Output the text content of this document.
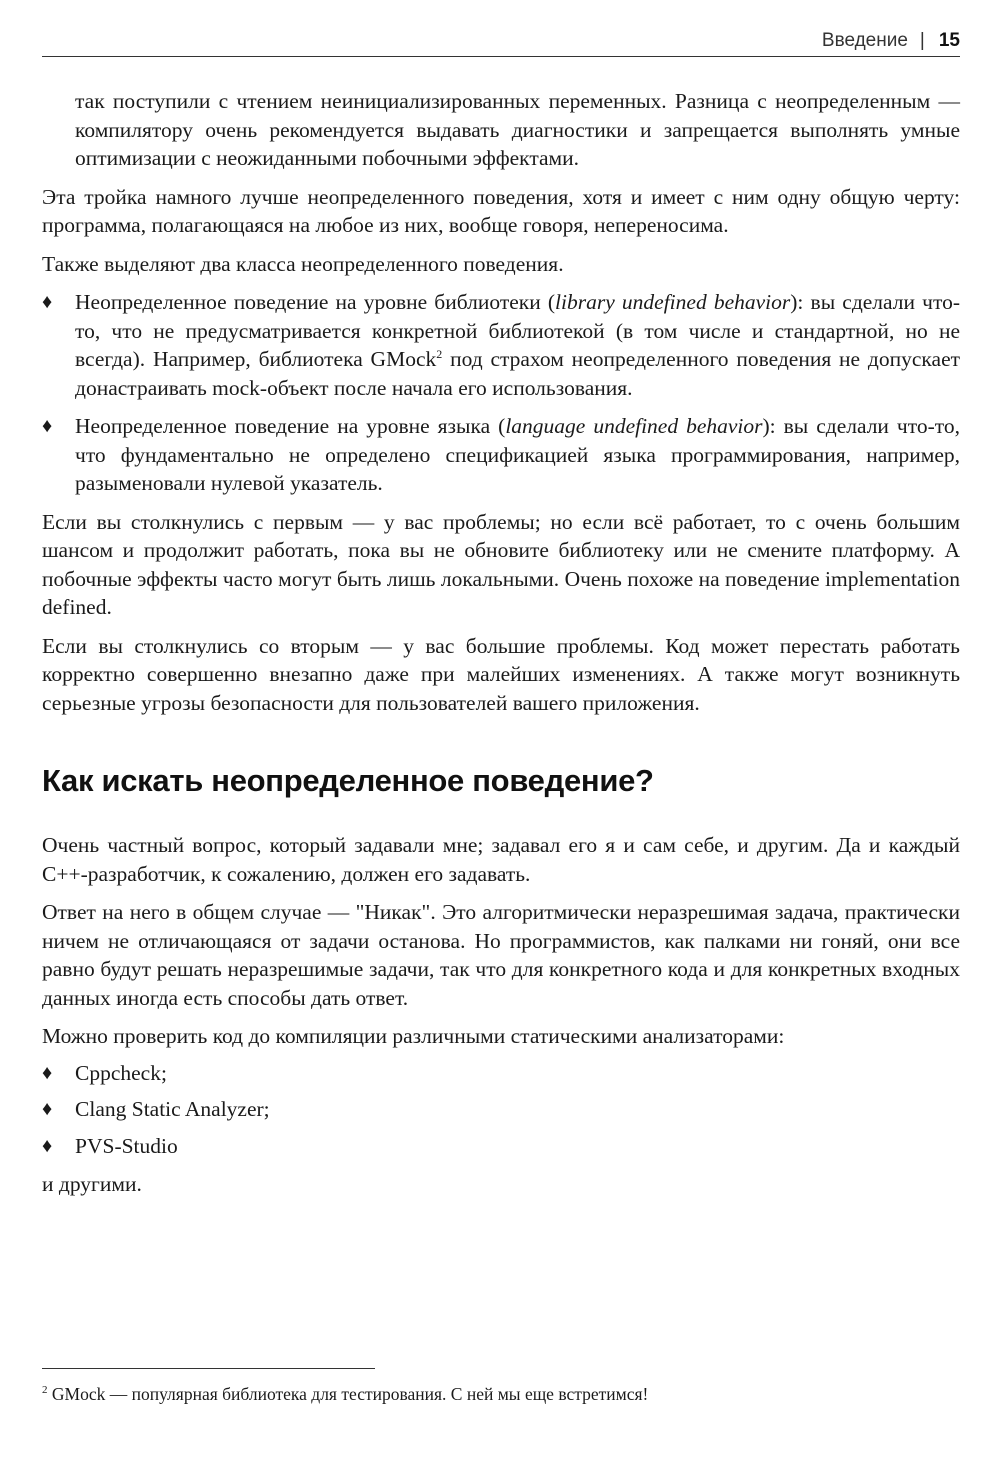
Введение | 15

так поступили с чтением неинициализированных переменных. Разница с неопределенным — компилятору очень рекомендуется выдавать диагностики и запрещается выполнять умные оптимизации с неожиданными побочными эффектами.

Эта тройка намного лучше неопределенного поведения, хотя и имеет с ним одну общую черту: программа, полагающаяся на любое из них, вообще говоря, непереносима.

Также выделяют два класса неопределенного поведения.

♦ Неопределенное поведение на уровне библиотеки (library undefined behavior): вы сделали что-то, что не предусматривается конкретной библиотекой (в том числе и стандартной, но не всегда). Например, библиотека GMock$^2$ под страхом неопределенного поведения не допускает донастраивать mock-объект после начала его использования.

♦ Неопределенное поведение на уровне языка (language undefined behavior): вы сделали что-то, что фундаментально не определено спецификацией языка программирования, например, разыменовали нулевой указатель.

Если вы столкнулись с первым — у вас проблемы; но если всё работает, то с очень большим шансом и продолжит работать, пока вы не обновите библиотеку или не смените платформу. А побочные эффекты часто могут быть лишь локальными. Очень похоже на поведение implementation defined.

Если вы столкнулись со вторым — у вас большие проблемы. Код может перестать работать корректно совершенно внезапно даже при малейших изменениях. А также могут возникнуть серьезные угрозы безопасности для пользователей вашего приложения.

Как искать неопределенное поведение?

Очень частный вопрос, который задавали мне; задавал его я и сам себе, и другим. Да и каждый C++-разработчик, к сожалению, должен его задавать.

Ответ на него в общем случае — "Никак". Это алгоритмически неразрешимая задача, практически ничем не отличающаяся от задачи останова. Но программистов, как палками ни гоняй, они все равно будут решать неразрешимые задачи, так что для конкретного кода и для конкретных входных данных иногда есть способы дать ответ.

Можно проверить код до компиляции различными статическими анализаторами:

♦ Cppcheck;

♦ Clang Static Analyzer;

♦ PVS-Studio

и другими.

$^2$ GMock — популярная библиотека для тестирования. С ней мы еще встретимся!
